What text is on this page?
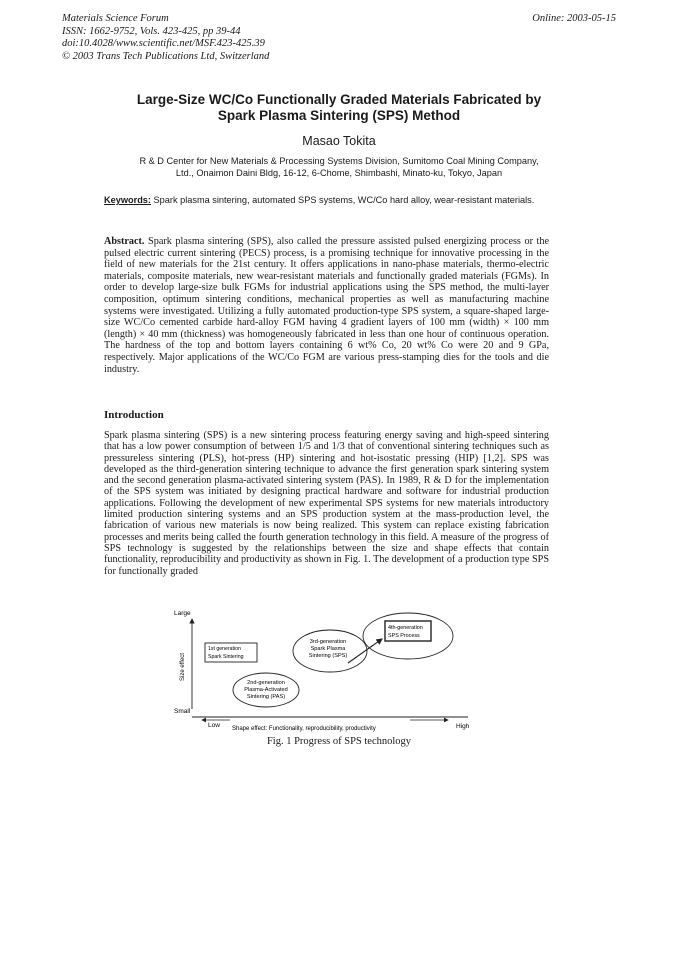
Materials Science Forum
ISSN: 1662-9752, Vols. 423-425, pp 39-44
doi:10.4028/www.scientific.net/MSF.423-425.39
© 2003 Trans Tech Publications Ltd, Switzerland
Online: 2003-05-15
Large-Size WC/Co Functionally Graded Materials Fabricated by
Spark Plasma Sintering (SPS) Method
Masao Tokita
R & D Center for New Materials & Processing Systems Division, Sumitomo Coal Mining Company,
Ltd., Onaimon Daini Bldg, 16-12, 6-Chome, Shimbashi, Minato-ku, Tokyo, Japan
Keywords: Spark plasma sintering, automated SPS systems, WC/Co hard alloy, wear-resistant materials.
Abstract. Spark plasma sintering (SPS), also called the pressure assisted pulsed energizing process or the pulsed electric current sintering (PECS) process, is a promising technique for innovative processing in the field of new materials for the 21st century. It offers applications in nano-phase materials, thermo-electric materials, composite materials, new wear-resistant materials and functionally graded materials (FGMs). In order to develop large-size bulk FGMs for industrial applications using the SPS method, the multi-layer composition, optimum sintering conditions, mechanical properties as well as manufacturing machine systems were investigated. Utilizing a fully automated production-type SPS system, a square-shaped large-size WC/Co cemented carbide hard-alloy FGM having 4 gradient layers of 100 mm (width) × 100 mm (length) × 40 mm (thickness) was homogeneously fabricated in less than one hour of continuous operation. The hardness of the top and bottom layers containing 6 wt% Co, 20 wt% Co were 20 and 9 GPa, respectively. Major applications of the WC/Co FGM are various press-stamping dies for the tools and die industry.
Introduction
Spark plasma sintering (SPS) is a new sintering process featuring energy saving and high-speed sintering that has a low power consumption of between 1/5 and 1/3 that of conventional sintering techniques such as pressureless sintering (PLS), hot-press (HP) sintering and hot-isostatic pressing (HIP) [1,2]. SPS was developed as the third-generation sintering technique to advance the first generation spark sintering system and the second generation plasma-activated sintering system (PAS). In 1989, R & D for the implementation of the SPS system was initiated by designing practical hardware and software for industrial production applications. Following the development of new experimental SPS systems for new materials introductory limited production sintering systems and an SPS production system at the mass-production level, the fabrication of various new materials is now being realized. This system can replace existing fabrication processes and merits being called the fourth generation technology in this field. A measure of the progress of SPS technology is suggested by the relationships between the size and shape effects that contain functionality, reproducibility and productivity as shown in Fig. 1. The development of a production type SPS for functionally graded
Large
Small
Size effect
Low	High
Shape effect: Functionality, reproducibility, productivity
1st generation
Spark Sintering
2nd-generation
Plasma-Activated
Sintering (PAS)
4th-generation
SPS Process
3rd-generation
Spark Plasma
Sintering (SPS)
Fig. 1 Progress of SPS technology
